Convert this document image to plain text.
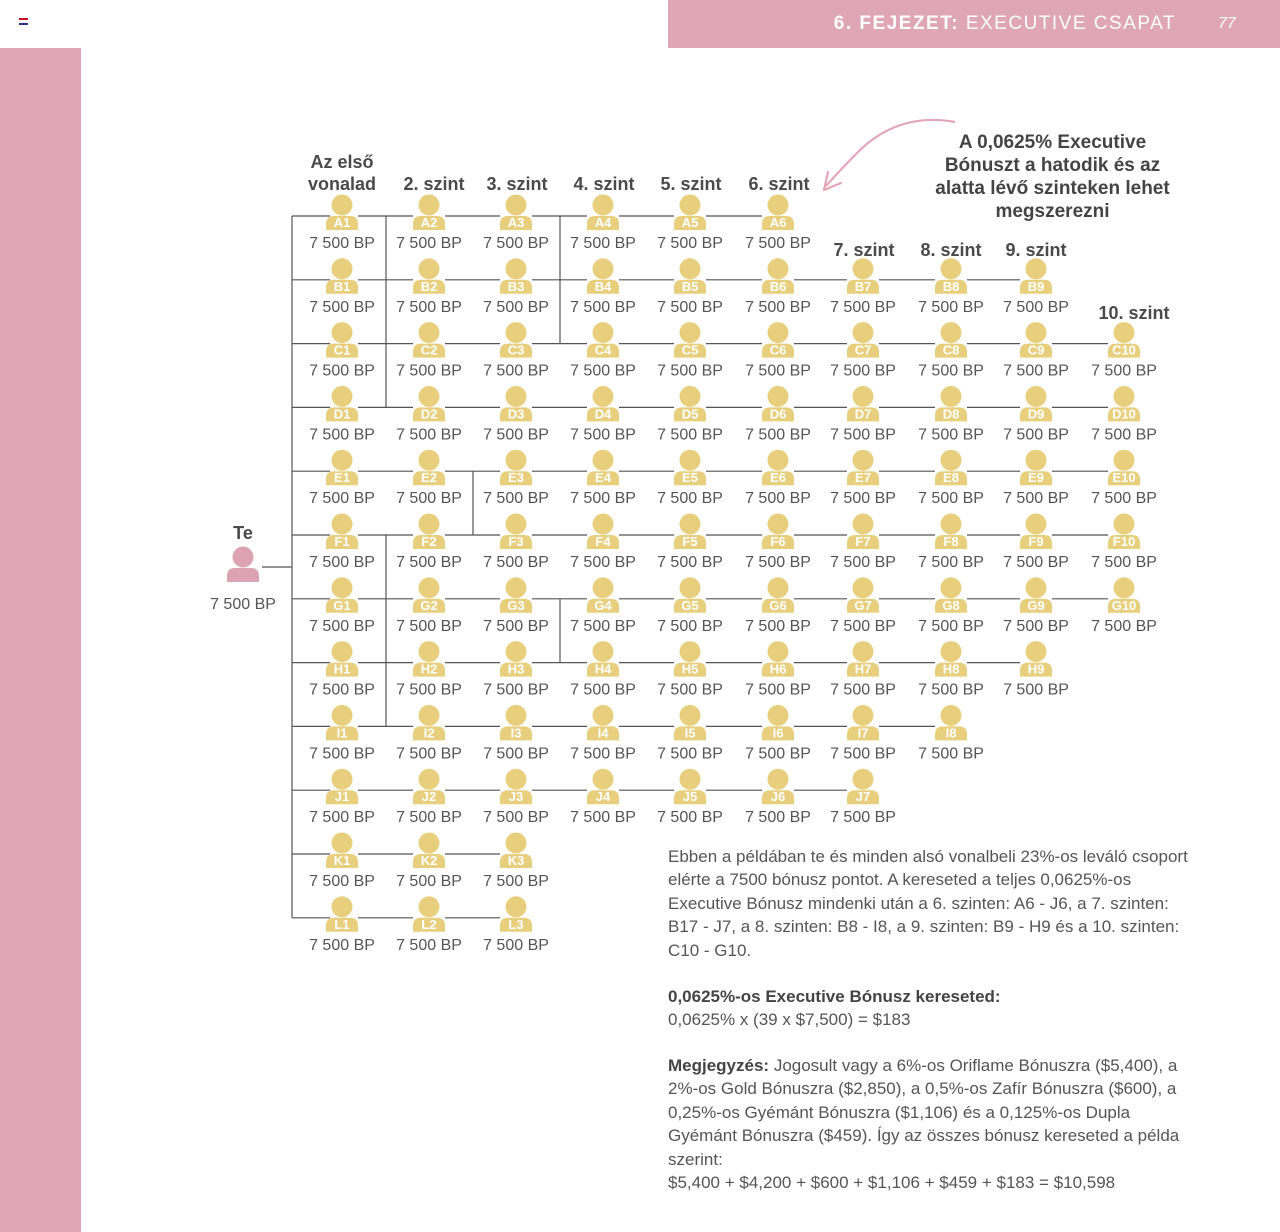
6. FEJEZET: EXECUTIVE CSAPAT	77
A1
7 500 BP
A2
7 500 BP
A3
7 500 BP
A4
7 500 BP
A5
7 500 BP
A6
7 500 BP
B1
7 500 BP
B2
7 500 BP
B3
7 500 BP
B4
7 500 BP
B5
7 500 BP
B6
7 500 BP
B7
7 500 BP
B8
7 500 BP
B9
7 500 BP
C1
7 500 BP
C2
7 500 BP
C3
7 500 BP
C4
7 500 BP
C5
7 500 BP
C6
7 500 BP
C7
7 500 BP
C8
7 500 BP
C9
7 500 BP
C10
7 500 BP
D1
7 500 BP
D2
7 500 BP
D3
7 500 BP
D4
7 500 BP
D5
7 500 BP
D6
7 500 BP
D7
7 500 BP
D8
7 500 BP
D9
7 500 BP
D10
7 500 BP
E1
7 500 BP
E2
7 500 BP
E3
7 500 BP
E4
7 500 BP
E5
7 500 BP
E6
7 500 BP
E7
7 500 BP
E8
7 500 BP
E9
7 500 BP
E10
7 500 BP
F1
7 500 BP
F2
7 500 BP
F3
7 500 BP
F4
7 500 BP
F5
7 500 BP
F6
7 500 BP
F7
7 500 BP
F8
7 500 BP
F9
7 500 BP
F10
7 500 BP
G1
7 500 BP
G2
7 500 BP
G3
7 500 BP
G4
7 500 BP
G5
7 500 BP
G6
7 500 BP
G7
7 500 BP
G8
7 500 BP
G9
7 500 BP
G10
7 500 BP
H1
7 500 BP
H2
7 500 BP
H3
7 500 BP
H4
7 500 BP
H5
7 500 BP
H6
7 500 BP
H7
7 500 BP
H8
7 500 BP
H9
7 500 BP
I1
7 500 BP
I2
7 500 BP
I3
7 500 BP
I4
7 500 BP
I5
7 500 BP
I6
7 500 BP
I7
7 500 BP
I8
7 500 BP
J1
7 500 BP
J2
7 500 BP
J3
7 500 BP
J4
7 500 BP
J5
7 500 BP
J6
7 500 BP
J7
7 500 BP
K1
7 500 BP
K2
7 500 BP
K3
7 500 BP
L1
7 500 BP
L2
7 500 BP
L3
7 500 BP
Te
7 500 BP
Az első
vonalad 2. szint 3. szint 4. szint 5. szint 6. szint
7. szint 8. szint 9. szint
10. szint
A 0,0625% Executive Bónuszt a hatodik és az alatta lévő szinteken lehet megszerezni
Ebben a példában te és minden alsó vonalbeli 23%-os leváló csoport elérte a 7500 bónusz pontot. A kereseted a teljes 0,0625%-os Executive Bónusz mindenki után a 6. szinten: A6 - J6, a 7. szinten: B17 - J7, a 8. szinten: B8 - I8, a 9. szinten: B9 - H9 és a 10. szinten: C10 - G10.
0,0625%-os Executive Bónusz kereseted:
0,0625% x (39 x $7,500) = $183
Megjegyzés: Jogosult vagy a 6%-os Oriflame Bónuszra ($5,400), a 2%-os Gold Bónuszra ($2,850), a 0,5%-os Zafír Bónuszra ($600), a 0,25%-os Gyémánt Bónuszra ($1,106) és a 0,125%-os Dupla Gyémánt Bónuszra ($459). Így az összes bónusz kereseted a példa szerint:
$5,400 + $4,200 + $600 + $1,106 + $459 + $183 = $10,598
